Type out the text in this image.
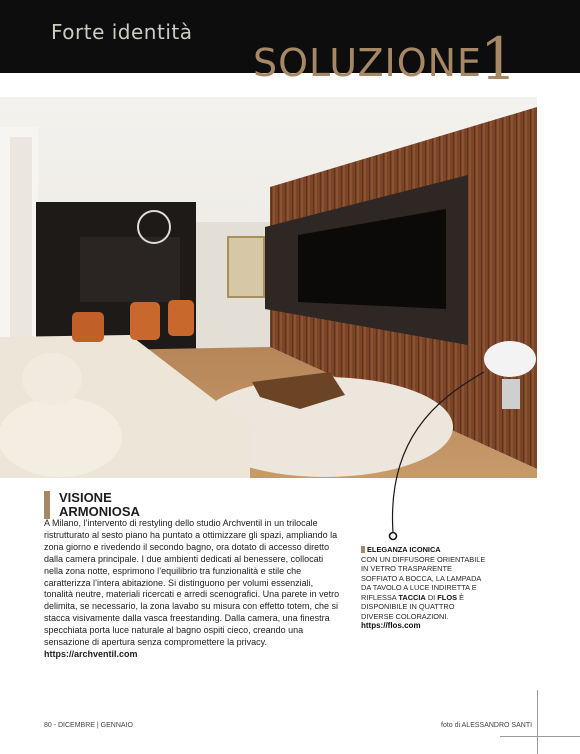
Forte identità
SOLUZIONE1
VISIONE
ARMONIOSA
A Milano, l’intervento di restyling dello studio Archventil in un trilocale ristrutturato al sesto piano ha puntato a ottimizzare gli spazi, ampliando la zona giorno e rivedendo il secondo bagno, ora dotato di accesso diretto dalla camera principale. I due ambienti dedicati al benessere, collocati nella zona notte, esprimono l’equilibrio tra funzionalità e stile che caratterizza l’intera abitazione. Si distinguono per volumi essenziali, tonalità neutre, materiali ricercati e arredi scenografici. Una parete in vetro delimita, se necessario, la zona lavabo su misura con effetto totem, che si stacca visivamente dalla vasca freestanding. Dalla camera, una finestra specchiata porta luce naturale al bagno ospiti cieco, creando una sensazione di apertura senza compromettere la privacy.
https://archventil.com
ELEGANZA ICONICA
CON UN DIFFUSORE ORIENTABILE IN VETRO TRASPARENTE SOFFIATO A BOCCA, LA LAMPADA DA TAVOLO A LUCE INDIRETTA E RIFLESSA TACCIA DI FLOS È DISPONIBILE IN QUATTRO DIVERSE COLORAZIONI.
https://flos.com
80 - DICEMBRE | GENNAIO	foto di ALESSANDRO SANTI
